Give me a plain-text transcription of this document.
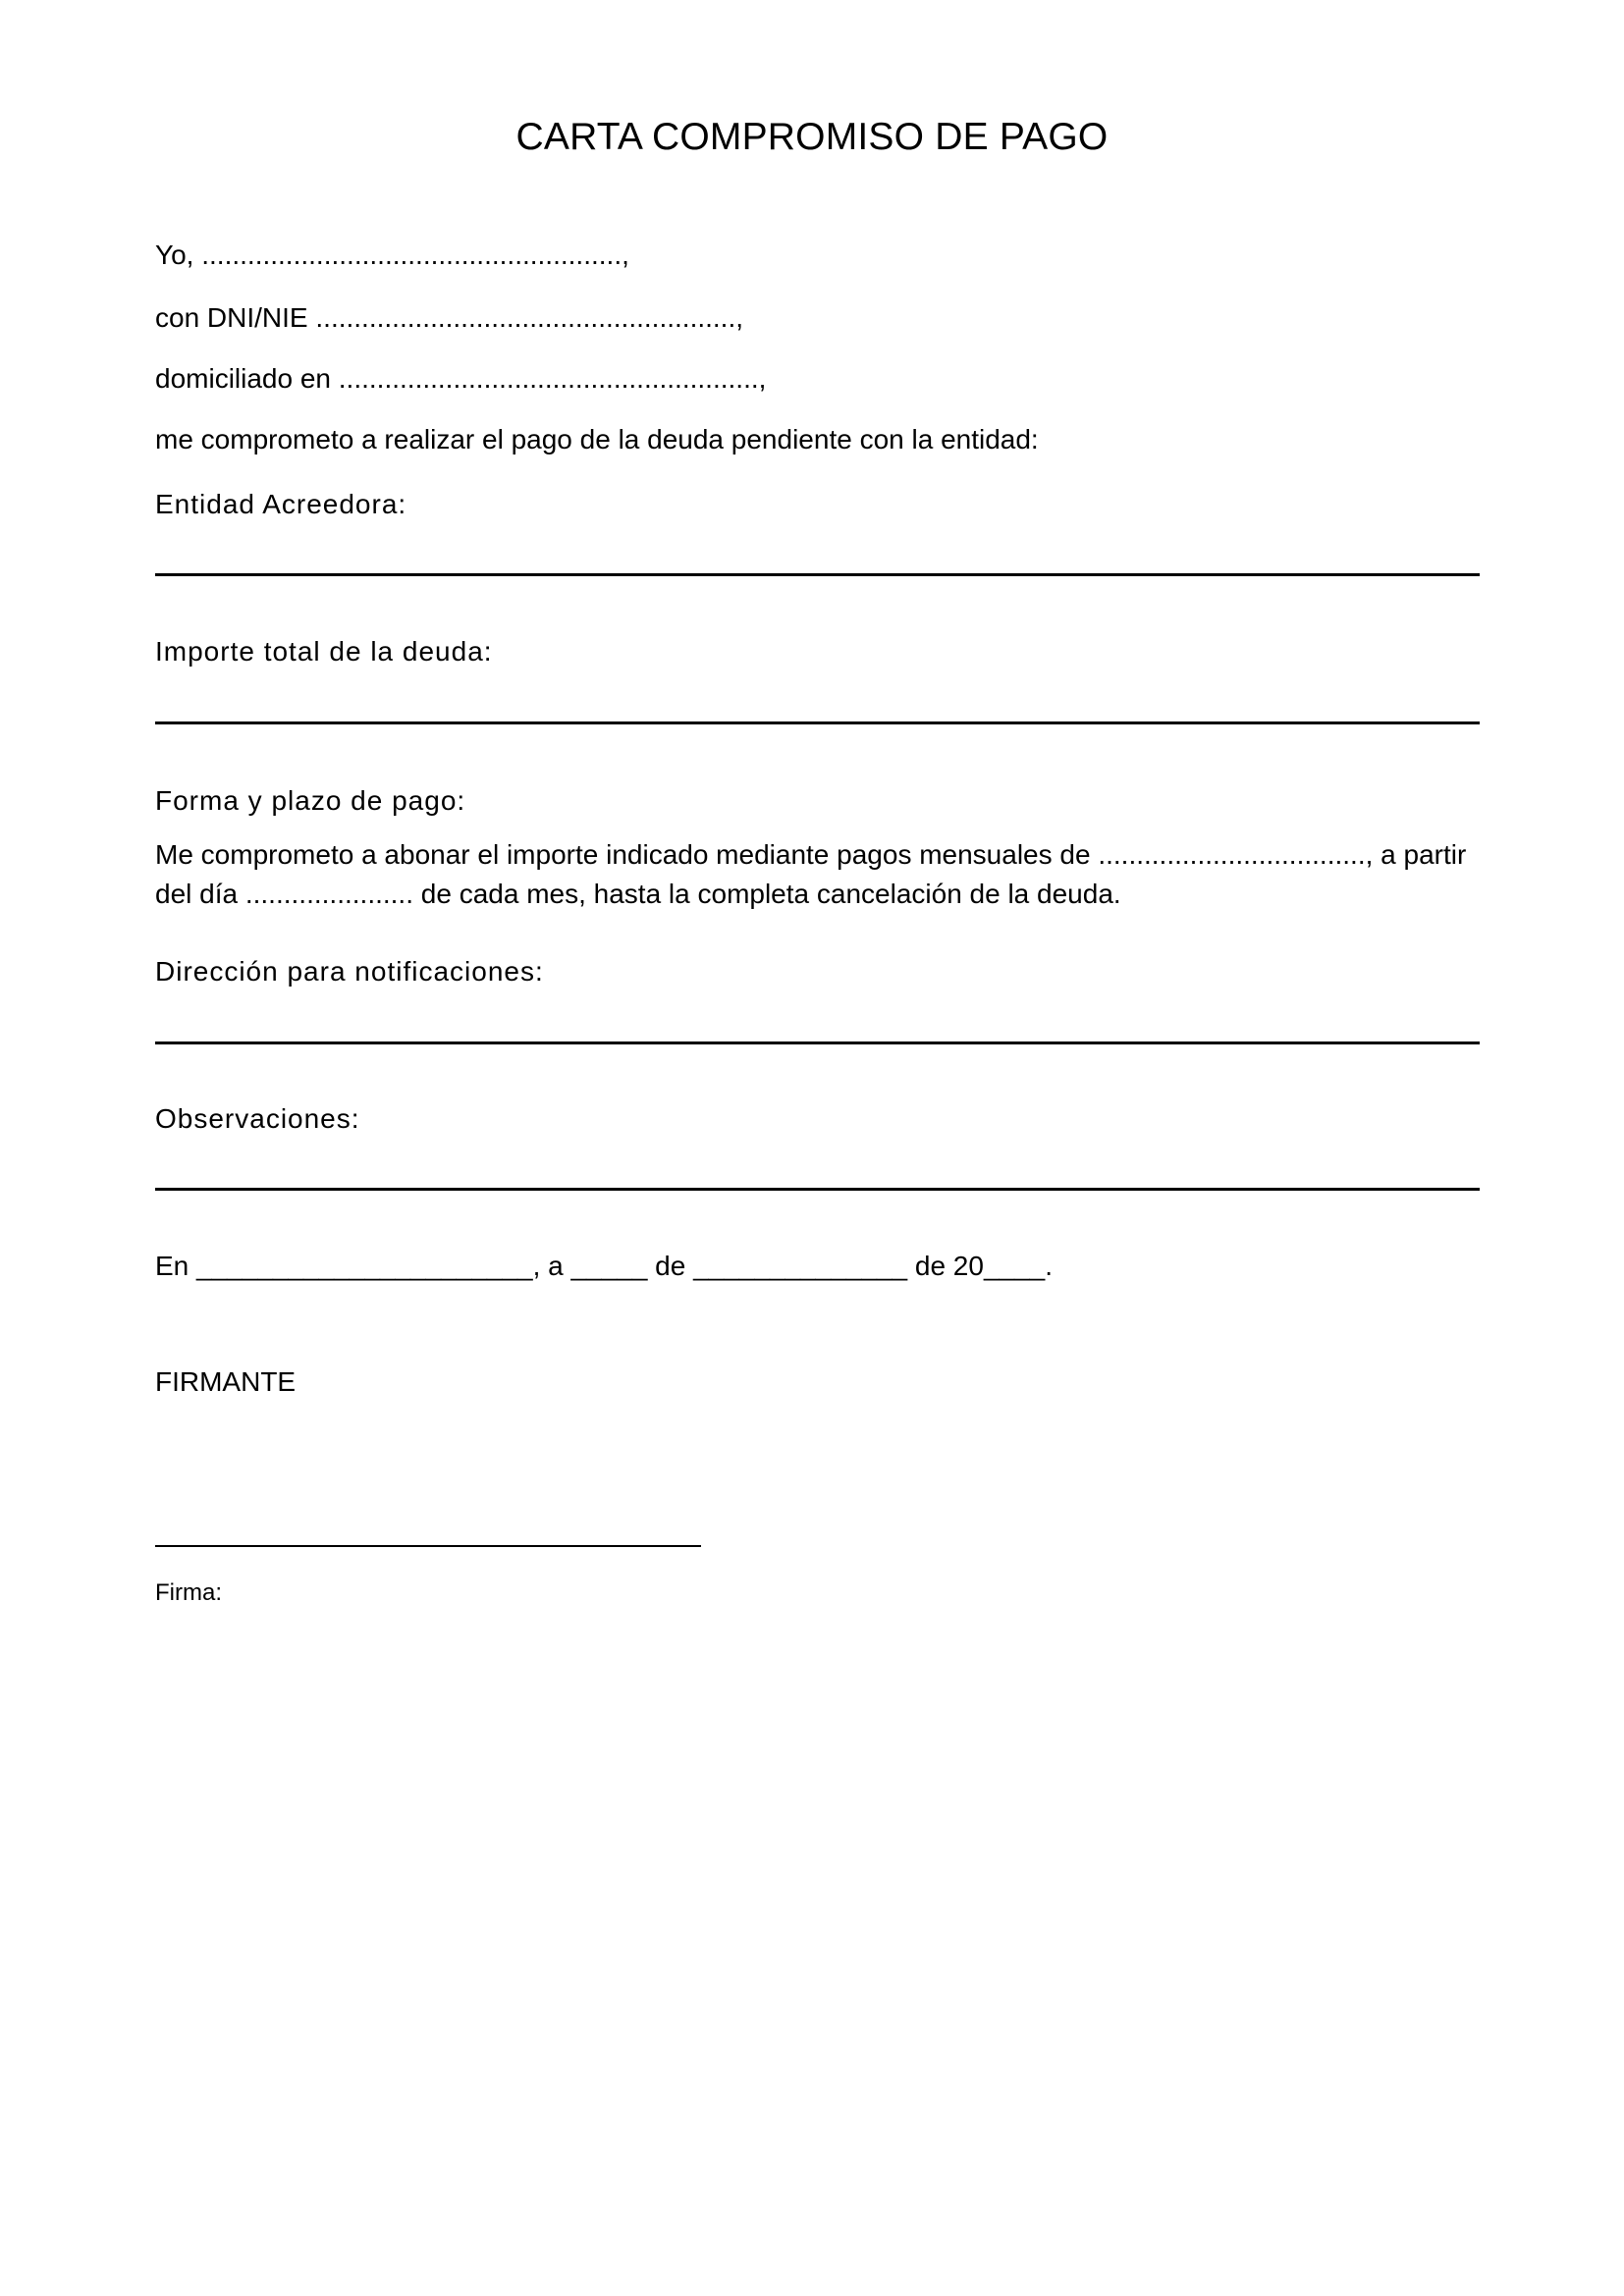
CARTA COMPROMISO DE PAGO

Yo, .......................................................,

con DNI/NIE .......................................................,

domiciliado en .......................................................,

me comprometo a realizar el pago de la deuda pendiente con la entidad:

Entidad Acreedora:

Importe total de la deuda:

Forma y plazo de pago:

Me comprometo a abonar el importe indicado mediante pagos mensuales de ..................................., a partir del día ...................... de cada mes, hasta la completa cancelación de la deuda.

Dirección para notificaciones:

Observaciones:

En ______________________, a _____ de ______________ de 20____.

FIRMANTE

Firma:
